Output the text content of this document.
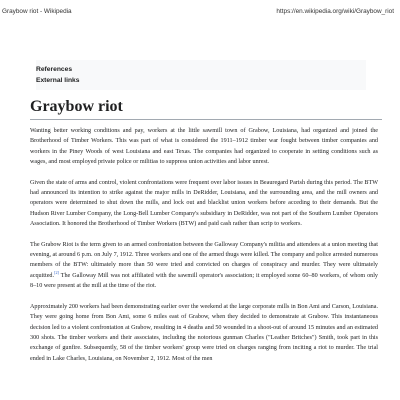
Graybow riot - Wikipedia	https://en.wikipedia.org/wiki/Graybow_riot
References
External links
Graybow riot

Wanting better working conditions and pay, workers at the little sawmill town of Grabow, Louisiana, had organized and joined the Brotherhood of Timber Workers. This was part of what is considered the 1911–1912 timber war fought between timber companies and workers in the Piney Woods of west Louisiana and east Texas. The companies had organized to cooperate in setting conditions such as wages, and most employed private police or militias to suppress union activities and labor unrest.

Given the state of arms and control, violent confrontations were frequent over labor issues in Beauregard Parish during this period. The BTW had announced its intention to strike against the major mills in DeRidder, Louisiana, and the surrounding area, and the mill owners and operators were determined to shut down the mills, and lock out and blacklist union workers before acceding to their demands. But the Hudson River Lumber Company, the Long-Bell Lumber Company's subsidiary in DeRidder, was not part of the Southern Lumber Operators Association. It honored the Brotherhood of Timber Workers (BTW) and paid cash rather than scrip to workers.

The Grabow Riot is the term given to an armed confrontation between the Galloway Company's militia and attendees at a union meeting that evening, at around 6 p.m. on July 7, 1912. Three workers and one of the armed thugs were killed. The company and police arrested numerous members of the BTW: ultimately more than 50 were tried and convicted on charges of conspiracy and murder. They were ultimately acquitted.[2] The Galloway Mill was not affiliated with the sawmill operator's association; it employed some 60–80 workers, of whom only 8–10 were present at the mill at the time of the riot.

Approximately 200 workers had been demonstrating earlier over the weekend at the large corporate mills in Bon Ami and Carson, Louisiana. They were going home from Bon Ami, some 6 miles east of Grabow, when they decided to demonstrate at Grabow. This instantaneous decision led to a violent confrontation at Grabow, resulting in 4 deaths and 50 wounded in a shoot-out of around 15 minutes and an estimated 300 shots. The timber workers and their associates, including the notorious gunman Charles ("Leather Britches") Smith, took part in this exchange of gunfire. Subsequently, 58 of the timber workers' group were tried on charges ranging from inciting a riot to murder. The trial ended in Lake Charles, Louisiana, on November 2, 1912. Most of the men
